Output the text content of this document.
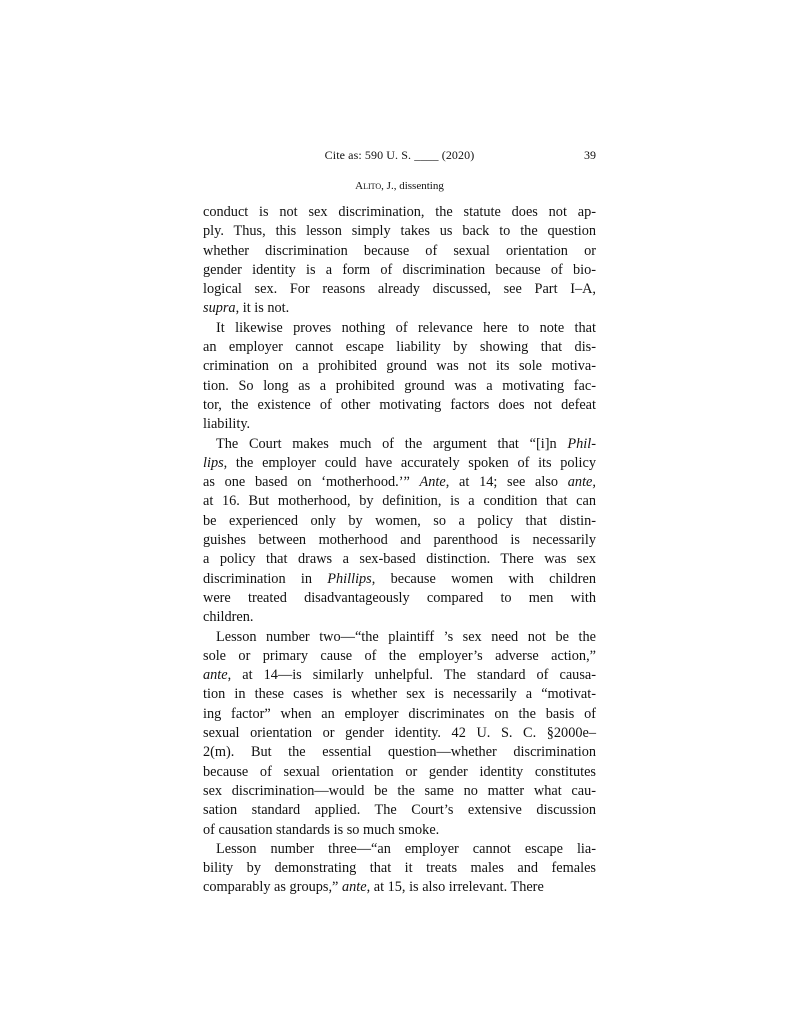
Cite as: 590 U. S. ____ (2020)	39
Alito, J., dissenting
conduct is not sex discrimination, the statute does not ap-
ply. Thus, this lesson simply takes us back to the question
whether discrimination because of sexual orientation or
gender identity is a form of discrimination because of bio-
logical sex. For reasons already discussed, see Part I–A,
supra, it is not.
It likewise proves nothing of relevance here to note that
an employer cannot escape liability by showing that dis-
crimination on a prohibited ground was not its sole motiva-
tion. So long as a prohibited ground was a motivating fac-
tor, the existence of other motivating factors does not defeat
liability.
The Court makes much of the argument that “[i]n Phil-
lips, the employer could have accurately spoken of its policy
as one based on ‘motherhood.’” Ante, at 14; see also ante,
at 16. But motherhood, by definition, is a condition that can
be experienced only by women, so a policy that distin-
guishes between motherhood and parenthood is necessarily
a policy that draws a sex-based distinction. There was sex
discrimination in Phillips, because women with children
were treated disadvantageously compared to men with
children.
Lesson number two—“the plaintiff ’s sex need not be the
sole or primary cause of the employer’s adverse action,”
ante, at 14—is similarly unhelpful. The standard of causa-
tion in these cases is whether sex is necessarily a “motivat-
ing factor” when an employer discriminates on the basis of
sexual orientation or gender identity. 42 U. S. C. §2000e–
2(m). But the essential question—whether discrimination
because of sexual orientation or gender identity constitutes
sex discrimination—would be the same no matter what cau-
sation standard applied. The Court’s extensive discussion
of causation standards is so much smoke.
Lesson number three—“an employer cannot escape lia-
bility by demonstrating that it treats males and females
comparably as groups,” ante, at 15, is also irrelevant. There
